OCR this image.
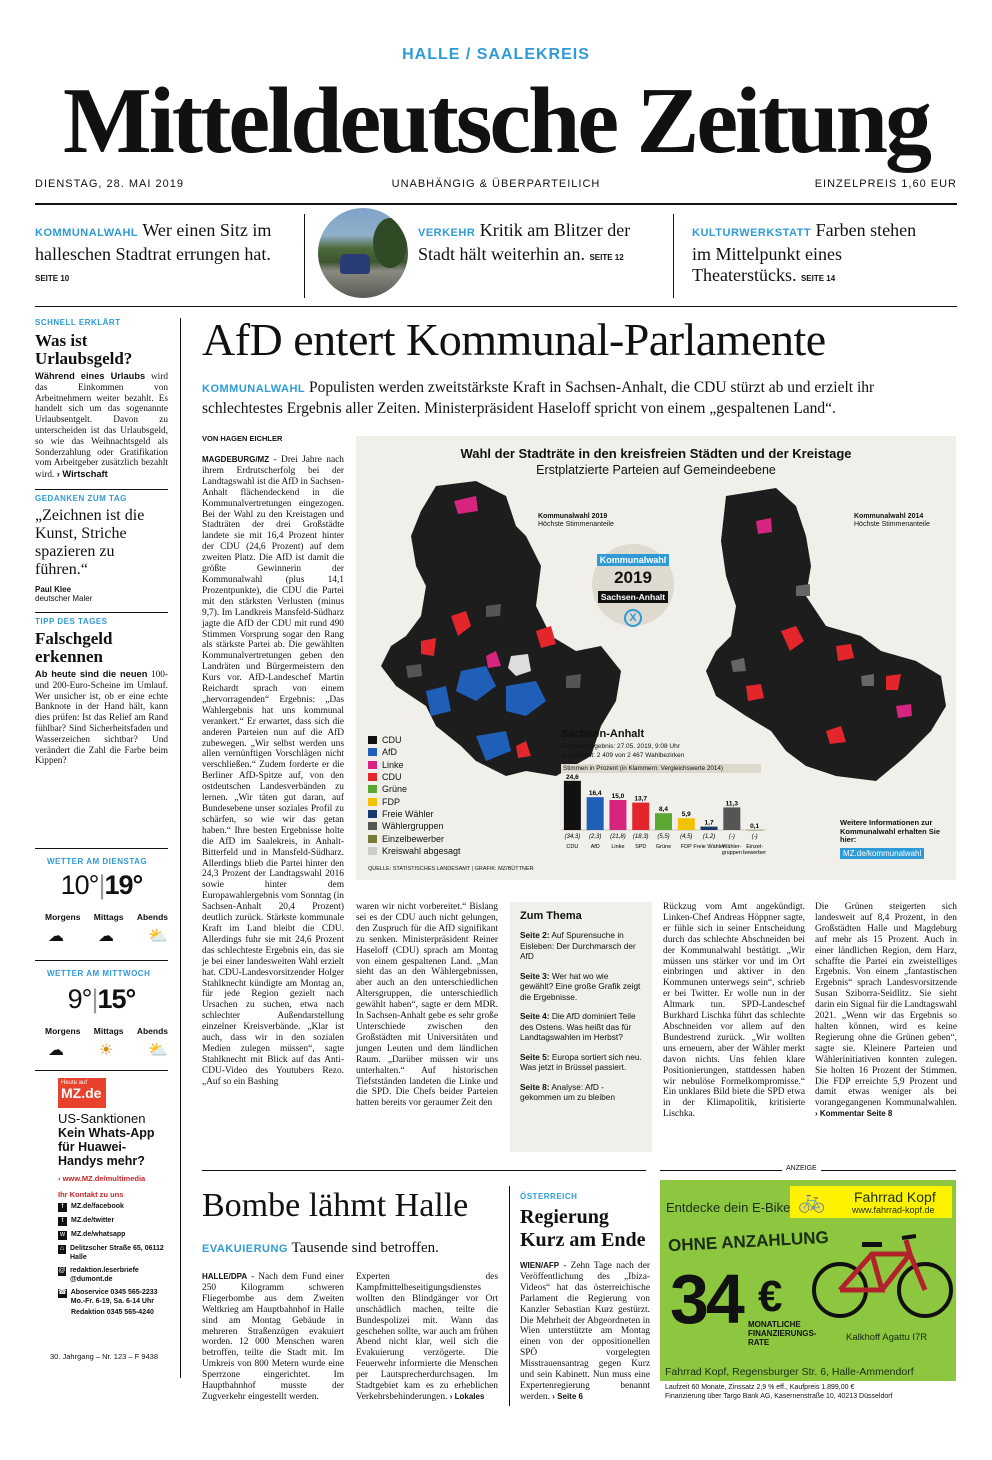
HALLE / SAALEKREIS
Mitteldeutsche Zeitung
DIENSTAG, 28. MAI 2019	UNABHÄNGIG & ÜBERPARTEILICH	EINZELPREIS 1,60 EUR
KOMMUNALWAHL Wer einen Sitz im halleschen Stadtrat errungen hat. SEITE 10
VERKEHR Kritik am Blitzer der Stadt hält weiterhin an. SEITE 12
KULTURWERKSTATT Farben stehen im Mittelpunkt eines Theaterstücks. SEITE 14
SCHNELL ERKLÄRT
Was ist Urlaubsgeld?
Während eines Urlaubs wird das Einkommen von Arbeitnehmern weiter bezahlt. Es handelt sich um das sogenannte Urlaubsentgelt. Davon zu unterscheiden ist das Urlaubsgeld, so wie das Weihnachtsgeld als Sonderzahlung oder Gratifikation vom Arbeitgeber zusätzlich bezahlt wird. › Wirtschaft
GEDANKEN ZUM TAG
„Zeichnen ist die Kunst, Striche spazieren zu führen.“
Paul Klee
deutscher Maler
TIPP DES TAGES
Falschgeld erkennen
Ab heute sind die neuen 100- und 200-Euro-Scheine im Umlauf. Wer unsicher ist, ob er eine echte Banknote in der Hand hält, kann dies prüfen: Ist das Relief am Rand fühlbar? Sind Sicherheitsfaden und Wasserzeichen sichtbar? Und verändert die Zahl die Farbe beim Kippen?
WETTER AM DIENSTAG
10°|19°
Morgens Mittags Abends
☁ ☁ ⛅
WETTER AM MITTWOCH
9°|15°
Morgens Mittags Abends
☁ ☀ ⛅
Heute auf
MZ.de
US-Sanktionen
Kein Whats-App für Huawei-Handys mehr?
› www.MZ.de/multimedia
Ihr Kontakt zu uns
f	MZ.de/facebook
t	MZ.de/twitter
w MZ.de/whatsapp
⌂ Delitzscher Straße 65, 06112 Halle
@ redaktion.leserbriefe @dumont.de
☎ Aboservice 0345 565-2233 Mo.-Fr. 6-19, Sa. 6-14 Uhr
Redaktion 0345 565-4240
30. Jahrgang – Nr. 123 – F 9438
AfD entert Kommunal-Parlamente
KOMMUNALWAHL Populisten werden zweitstärkste Kraft in Sachsen-Anhalt, die CDU stürzt ab und erzielt ihr schlechtestes Ergebnis aller Zeiten. Ministerpräsident Haseloff spricht von einem „gespaltenen Land“.
VON HAGEN EICHLER
MAGDEBURG/MZ - Drei Jahre nach ihrem Erdrutscherfolg bei der Landtagswahl ist die AfD in Sachsen-Anhalt flächendeckend in die Kommunalvertretungen eingezogen. Bei der Wahl zu den Kreistagen und Stadträten der drei Großstädte landete sie mit 16,4 Prozent hinter der CDU (24,6 Prozent) auf dem zweiten Platz. Die AfD ist damit die größte Gewinnerin der Kommunalwahl (plus 14,1 Prozentpunkte), die CDU die Partei mit den stärksten Verlusten (minus 9,7). Im Landkreis Mansfeld-Südharz jagte die AfD der CDU mit rund 490 Stimmen Vorsprung sogar den Rang als stärkste Partei ab. Die gewählten Kommunalvertretungen geben den Landräten und Bürgermeistern den Kurs vor. AfD-Landeschef Martin Reichardt sprach von einem „hervorragenden“ Ergebnis: „Das Wahlergebnis hat uns kommunal verankert.“ Er erwartet, dass sich die anderen Parteien nun auf die AfD zubewegen. „Wir selbst werden uns allen vernünftigen Vorschlägen nicht verschließen.“ Zudem forderte er die Berliner AfD-Spitze auf, von den ostdeutschen Landesverbänden zu lernen. „Wir täten gut daran, auf Bundesebene unser soziales Profil zu schärfen, so wie wir das getan haben.“ Ihre besten Ergebnisse holte die AfD im Saalekreis, in Anhalt-Bitterfeld und in Mansfeld-Südharz. Allerdings blieb die Partei hinter den 24,3 Prozent der Landtagswahl 2016 sowie hinter dem Europawahlergebnis vom Sonntag (in Sachsen-Anhalt 20,4 Prozent) deutlich zurück. Stärkste kommunale Kraft im Land bleibt die CDU. Allerdings fuhr sie mit 24,6 Prozent das schlechteste Ergebnis ein, das sie je bei einer landesweiten Wahl erzielt hat. CDU-Landesvorsitzender Holger Stahlknecht kündigte am Montag an, für jede Region gezielt nach Ursachen zu suchen, etwa nach schlechter Außendarstellung einzelner Kreisverbände. „Klar ist auch, dass wir in den sozialen Medien zulegen müssen“, sagte Stahlknecht mit Blick auf das Anti-CDU-Video des Youtubers Rezo. „Auf so ein Bashing
Wahl der Stadträte in den kreisfreien Städten und der Kreistage
Erstplatzierte Parteien auf Gemeindeebene
Kommunalwahl 2019
Höchste Stimmenanteile
Kommunalwahl 2014
Höchste Stimmenanteile
Kommunalwahl
2019
Sachsen-Anhalt
X
CDU
AfD
Linke
CDU
Grüne
FDP
Freie Wähler
Wählergruppen
Einzelbewerber
Kreiswahl abgesagt
QUELLE: STATISTISCHES LANDESAMT | GRAFIK: MZ/BÜTTNER
Sachsen-Anhalt
Zwischenergebnis: 27.05. 2019, 9:08 Uhr
Ausgezählt: 2 409 von 2 467 Wahlbezirken
Stimmen in Prozent (in Klammern: Vergleichswerte 2014)
24,6
(34,3)
CDU
16,4
(2,3)
AfD
15,0
(21,8)
Linke
13,7
(18,3)
SPD
8,4
(5,5)
Grüne
5,9
(4,5)
FDP
1,7
(1,2)
Freie Wähler
11,3
(-)
Wähler-gruppen
0,1
(-)
Einzel-bewerber
Weitere Informationen zur Kommunalwahl erhalten Sie hier:
MZ.de/kommunalwahl
waren wir nicht vorbereitet.“ Bislang sei es der CDU auch nicht gelungen, den Zuspruch für die AfD signifikant zu senken. Ministerpräsident Reiner Haseloff (CDU) sprach am Montag von einem gespaltenen Land. „Man sieht das an den Wählergebnissen, aber auch an den unterschiedlichen Altersgruppen, die unterschiedlich gewählt haben“, sagte er dem MDR. In Sachsen-Anhalt gebe es sehr große Unterschiede zwischen den Großstädten mit Universitäten und jungen Leuten und dem ländlichen Raum. „Darüber müssen wir uns unterhalten.“ Auf historischen Tiefstständen landeten die Linke und die SPD. Die Chefs beider Parteien hatten bereits vor geraumer Zeit den
Zum Thema
Seite 2: Auf Spurensuche in Eisleben: Der Durchmarsch der AfD
Seite 3: Wer hat wo wie gewählt? Eine große Grafik zeigt die Ergebnisse.
Seite 4: Die AfD dominiert Teile des Ostens. Was heißt das für Landtagswahlen im Herbst?
Seite 5: Europa sortiert sich neu. Was jetzt in Brüssel passiert.
Seite 8: Analyse: AfD - gekommen um zu bleiben
Rückzug vom Amt angekündigt. Linken-Chef Andreas Höppner sagte, er fühle sich in seiner Entscheidung durch das schlechte Abschneiden bei der Kommunalwahl bestätigt. „Wir müssen uns stärker vor und im Ort einbringen und aktiver in den Kommunen unterwegs sein“, schrieb er bei Twitter. Er wolle nun in der Altmark tun. SPD-Landeschef Burkhard Lischka führt das schlechte Abschneiden vor allem auf den Bundestrend zurück. „Wir wollten uns erneuern, aber der Wähler merkt davon nichts. Uns fehlen klare Positionierungen, stattdessen haben wir nebulöse Formelkompromisse.“ Ein unklares Bild biete die SPD etwa in der Klimapolitik, kritisierte Lischka.
Die Grünen steigerten sich landesweit auf 8,4 Prozent, in den Großstädten Halle und Magdeburg auf mehr als 15 Prozent. Auch in einer ländlichen Region, dem Harz, schaffte die Partei ein zweistelliges Ergebnis. Von einem „fantastischen Ergebnis“ sprach Landesvorsitzende Susan Sziborra-Seidlitz. Sie sieht darin ein Signal für die Landtagswahl 2021. „Wenn wir das Ergebnis so halten können, wird es keine Regierung ohne die Grünen geben“, sagte sie. Kleinere Parteien und Wählerinitiativen konnten zulegen. Sie holten 16 Prozent der Stimmen. Die FDP erreichte 5,9 Prozent und damit etwas weniger als bei vorangegangenen Kommunalwahlen. › Kommentar Seite 8
ANZEIGE
Bombe lähmt Halle
EVAKUIERUNG Tausende sind betroffen.
HALLE/DPA - Nach dem Fund einer 250 Kilogramm schweren Fliegerbombe aus dem Zweiten Weltkrieg am Hauptbahnhof in Halle sind am Montag Gebäude in mehreren Straßenzügen evakuiert worden. 12 000 Menschen waren betroffen, teilte die Stadt mit. Im Umkreis von 800 Metern wurde eine Sperrzone eingerichtet. Im Hauptbahnhof musste der Zugverkehr eingestellt werden.
Experten des Kampfmittelbeseitigungsdienstes wollten den Blindgänger vor Ort unschädlich machen, teilte die Bundespolizei mit. Wann das geschehen sollte, war auch am frühen Abend nicht klar, weil sich die Evakuierung verzögerte. Die Feuerwehr informierte die Menschen per Lautsprecherdurchsagen. Im Stadtgebiet kam es zu erheblichen Verkehrsbehinderungen. › Lokales
ÖSTERREICH
Regierung Kurz am Ende
WIEN/AFP - Zehn Tage nach der Veröffentlichung des „Ibiza-Videos“ hat das österreichische Parlament die Regierung von Kanzler Sebastian Kurz gestürzt. Die Mehrheit der Abgeordneten in Wien unterstützte am Montag einen von der oppositionellen SPÖ vorgelegten Misstrauensantrag gegen Kurz und sein Kabinett. Nun muss eine Expertenregierung benannt werden. › Seite 6
Entdecke dein E-Bike 🚲 Fahrrad Kopf
www.fahrrad-kopf.de
OHNE ANZAHLUNG
34 €
MONATLICHE FINANZIERUNGS-RATE	Kalkhoff Agattu I7R
Fahrrad Kopf, Regensburger Str. 6, Halle-Ammendorf
Laufzeit 60 Monate, Zinssatz 2,9 % eff., Kaufpreis 1.899,00 €
Finanzierung über Targo Bank AG, Kasernenstraße 10, 40213 Düsseldorf
